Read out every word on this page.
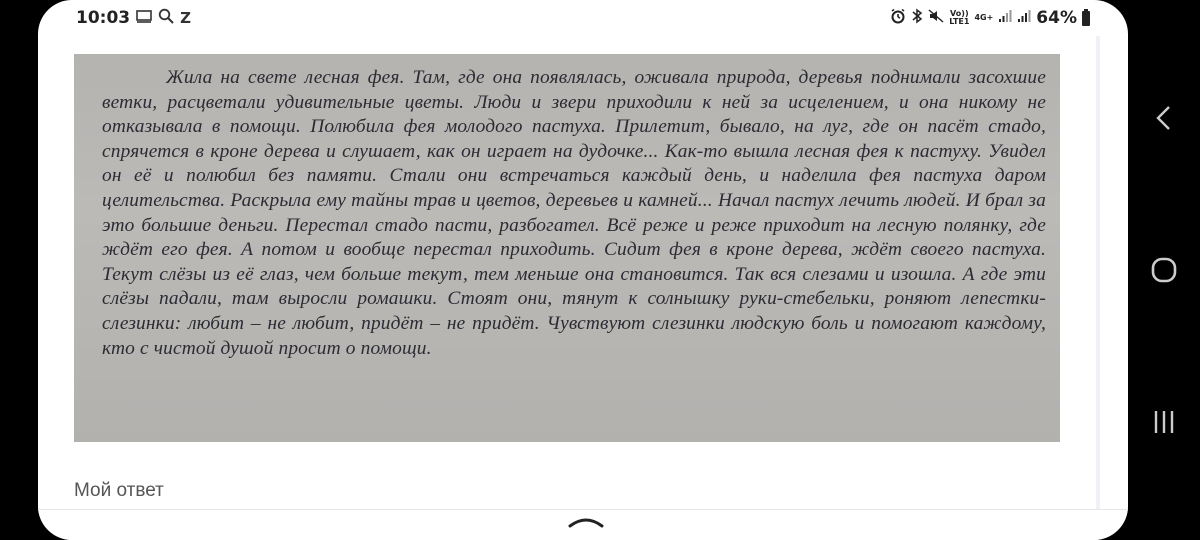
10:03	Z	Vo))
LTE1 4G+	64%

Жила на свете лесная фея. Там, где она появлялась, оживала природа, деревья поднимали засохшие ветки, расцветали удивительные цветы. Люди и звери приходили к ней за исцелением, и она никому не отказывала в помощи. Полюбила фея молодого пастуха. Прилетит, бывало, на луг, где он пасёт стадо, спрячется в кроне дерева и слушает, как он играет на дудочке... Как-то вышла лесная фея к пастуху. Увидел он её и полюбил без памяти. Стали они встречаться каждый день, и наделила фея пастуха даром целительства. Раскрыла ему тайны трав и цветов, деревьев и камней... Начал пастух лечить людей. И брал за это большие деньги. Перестал стадо пасти, разбогател. Всё реже и реже приходит на лесную полянку, где ждёт его фея. А потом и вообще перестал приходить. Сидит фея в кроне дерева, ждёт своего пастуха. Текут слёзы из её глаз, чем больше текут, тем меньше она становится. Так вся слезами и изошла. А где эти слёзы падали, там выросли ромашки. Стоят они, тянут к солнышку руки-стебельки, роняют лепестки-слезинки: любит – не любит, придёт – не придёт. Чувствуют слезинки людскую боль и помогают каждому, кто с чистой душой просит о помощи.

Мой ответ
